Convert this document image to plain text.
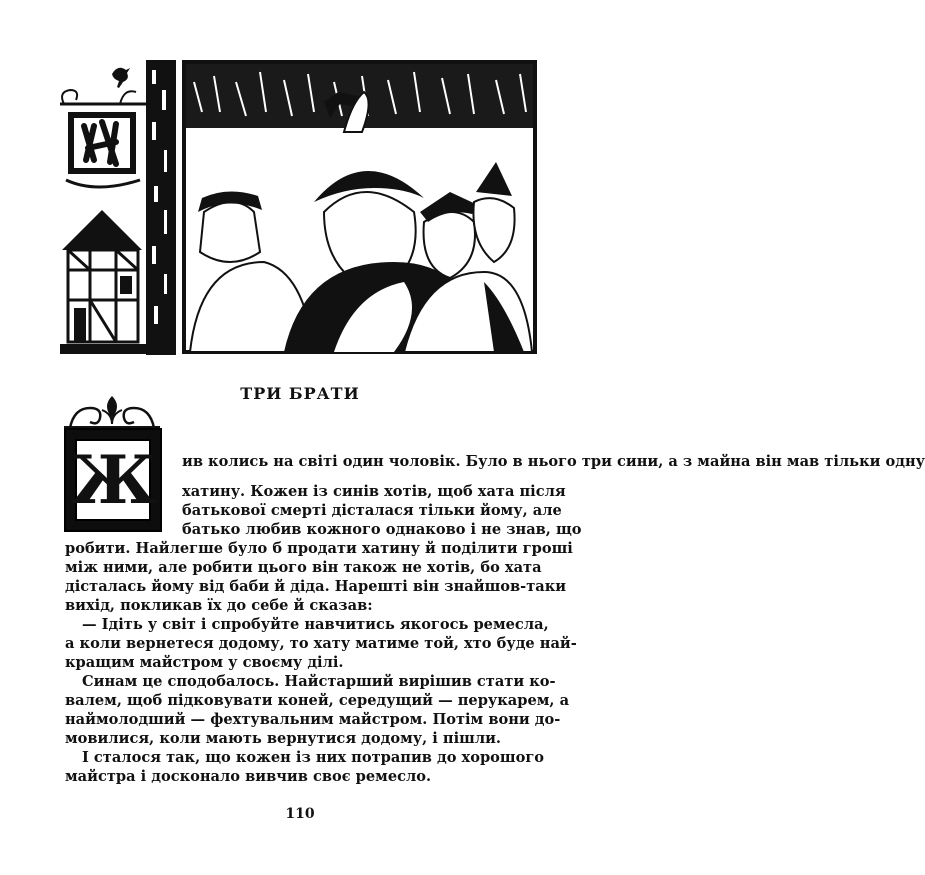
ТРИ БРАТИ
Ж ив колись на світі один чоловік. Було в нього три сини, а з майна він мав тільки одну
хатину. Кожен із синів хотів, щоб хата після
батькової смерті дісталася тільки йому, але
батько любив кожного однаково і не знав, що
робити. Найлегше було б продати хатину й поділити гроші
між ними, але робити цього він також не хотів, бо хата
дісталась йому від баби й діда. Нарешті він знайшов-таки
вихід, покликав їх до себе й сказав:
— Ідіть у світ і спробуйте навчитись якогось ремесла,
а коли вернетеся додому, то хату матиме той, хто буде най-
кращим майстром у своєму ділі.
Синам це сподобалось. Найстарший вирішив стати ко-
валем, щоб підковувати коней, середущий — перукарем, а
наймолодший — фехтувальним майстром. Потім вони до-
мовилися, коли мають вернутися додому, і пішли.
І сталося так, що кожен із них потрапив до хорошого
майстра і досконало вивчив своє ремесло.
110
